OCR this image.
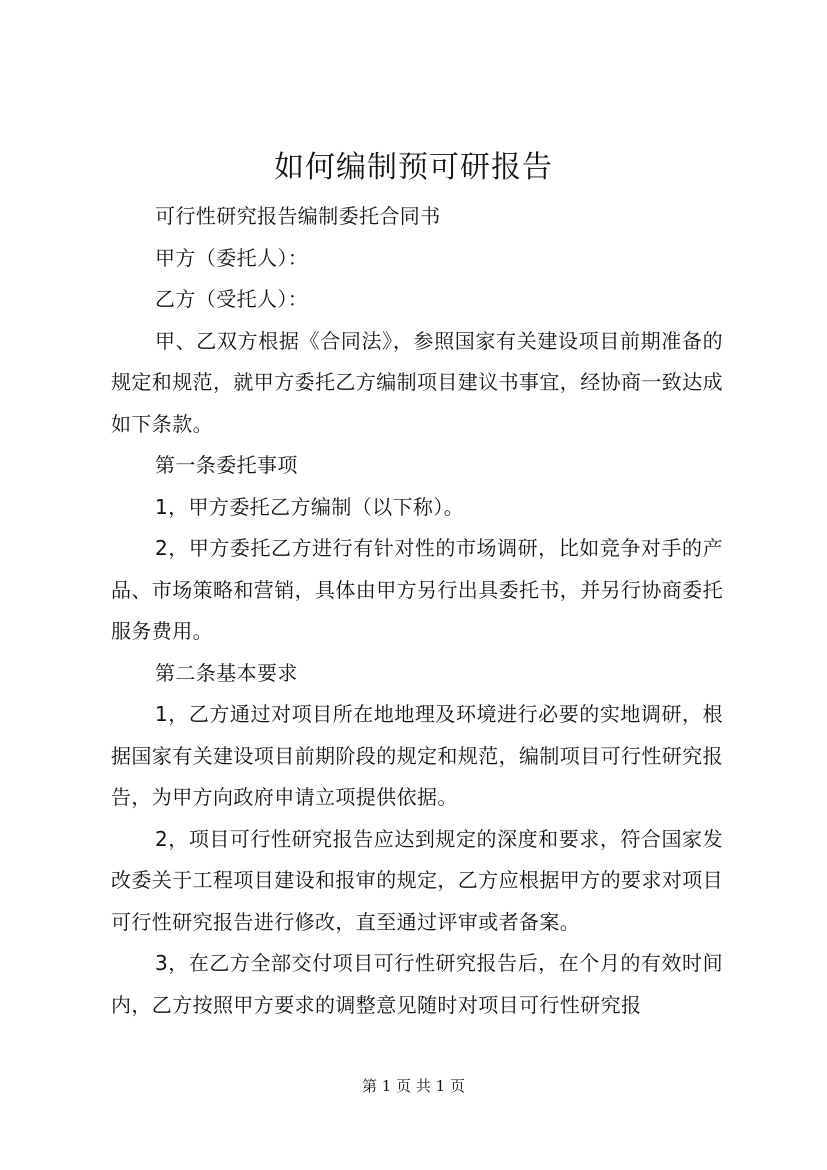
如何编制预可研报告

可行性研究报告编制委托合同书

甲方（委托人）：

乙方（受托人）：

甲、乙双方根据《合同法》，参照国家有关建设项目前期准备的规定和规范，就甲方委托乙方编制项目建议书事宜，经协商一致达成如下条款。

第一条委托事项

1，甲方委托乙方编制（以下称）。

2，甲方委托乙方进行有针对性的市场调研，比如竞争对手的产品、市场策略和营销，具体由甲方另行出具委托书，并另行协商委托服务费用。

第二条基本要求

1，乙方通过对项目所在地地理及环境进行必要的实地调研，根据国家有关建设项目前期阶段的规定和规范，编制项目可行性研究报告，为甲方向政府申请立项提供依据。

2，项目可行性研究报告应达到规定的深度和要求，符合国家发改委关于工程项目建设和报审的规定，乙方应根据甲方的要求对项目可行性研究报告进行修改，直至通过评审或者备案。

3，在乙方全部交付项目可行性研究报告后，在个月的有效时间内，乙方按照甲方要求的调整意见随时对项目可行性研究报

第 1 页 共 1 页
